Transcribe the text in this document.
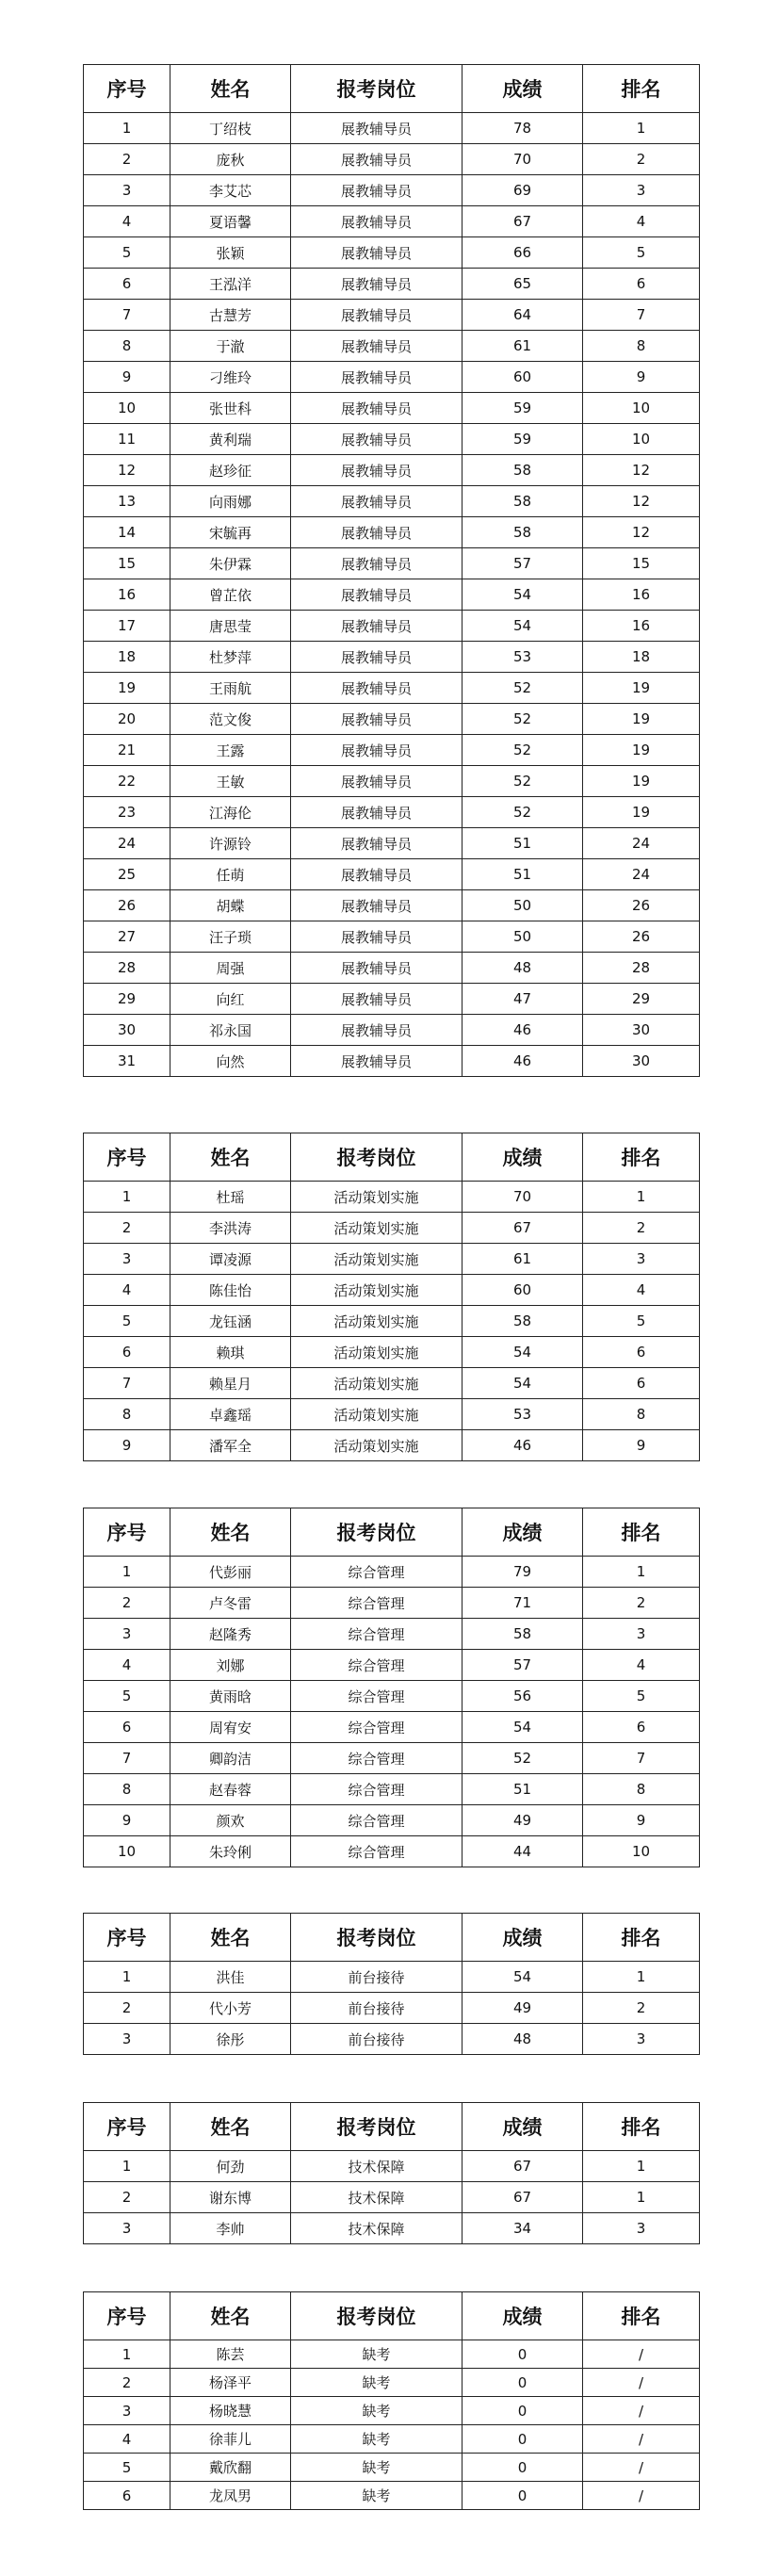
序号	姓名	报考岗位	成绩	排名
1	丁绍枝	展教辅导员	78	1
2	庞秋	展教辅导员	70	2
3	李艾芯	展教辅导员	69	3
4	夏语馨	展教辅导员	67	4
5	张颖	展教辅导员	66	5
6	王泓洋	展教辅导员	65	6
7	古慧芳	展教辅导员	64	7
8	于澈	展教辅导员	61	8
9	刁维玲	展教辅导员	60	9
10	张世科	展教辅导员	59	10
11	黄利瑞	展教辅导员	59	10
12	赵珍征	展教辅导员	58	12
13	向雨娜	展教辅导员	58	12
14	宋毓再	展教辅导员	58	12
15	朱伊霖	展教辅导员	57	15
16	曾芷依	展教辅导员	54	16
17	唐思莹	展教辅导员	54	16
18	杜梦萍	展教辅导员	53	18
19	王雨航	展教辅导员	52	19
20	范文俊	展教辅导员	52	19
21	王露	展教辅导员	52	19
22	王敏	展教辅导员	52	19
23	江海伦	展教辅导员	52	19
24	许源铃	展教辅导员	51	24
25	任萌	展教辅导员	51	24
26	胡蝶	展教辅导员	50	26
27	汪子琐	展教辅导员	50	26
28	周强	展教辅导员	48	28
29	向红	展教辅导员	47	29
30	祁永国	展教辅导员	46	30
31	向然	展教辅导员	46	30
序号	姓名	报考岗位	成绩	排名
1	杜瑶	活动策划实施	70	1
2	李洪涛	活动策划实施	67	2
3	谭凌源	活动策划实施	61	3
4	陈佳怡	活动策划实施	60	4
5	龙钰涵	活动策划实施	58	5
6	赖琪	活动策划实施	54	6
7	赖星月	活动策划实施	54	6
8	卓鑫瑶	活动策划实施	53	8
9	潘军全	活动策划实施	46	9
序号	姓名	报考岗位	成绩	排名
1	代彭丽	综合管理	79	1
2	卢冬雷	综合管理	71	2
3	赵隆秀	综合管理	58	3
4	刘娜	综合管理	57	4
5	黄雨晗	综合管理	56	5
6	周宥安	综合管理	54	6
7	卿韵洁	综合管理	52	7
8	赵春蓉	综合管理	51	8
9	颜欢	综合管理	49	9
10	朱玲俐	综合管理	44	10
序号	姓名	报考岗位	成绩	排名
1	洪佳	前台接待	54	1
2	代小芳	前台接待	49	2
3	徐彤	前台接待	48	3
序号	姓名	报考岗位	成绩	排名
1	何劲	技术保障	67	1
2	谢东博	技术保障	67	1
3	李帅	技术保障	34	3
序号	姓名	报考岗位	成绩	排名
1	陈芸	缺考	0	/
2	杨泽平	缺考	0	/
3	杨晓慧	缺考	0	/
4	徐菲儿	缺考	0	/
5	戴欣翻	缺考	0	/
6	龙凤男	缺考	0	/
